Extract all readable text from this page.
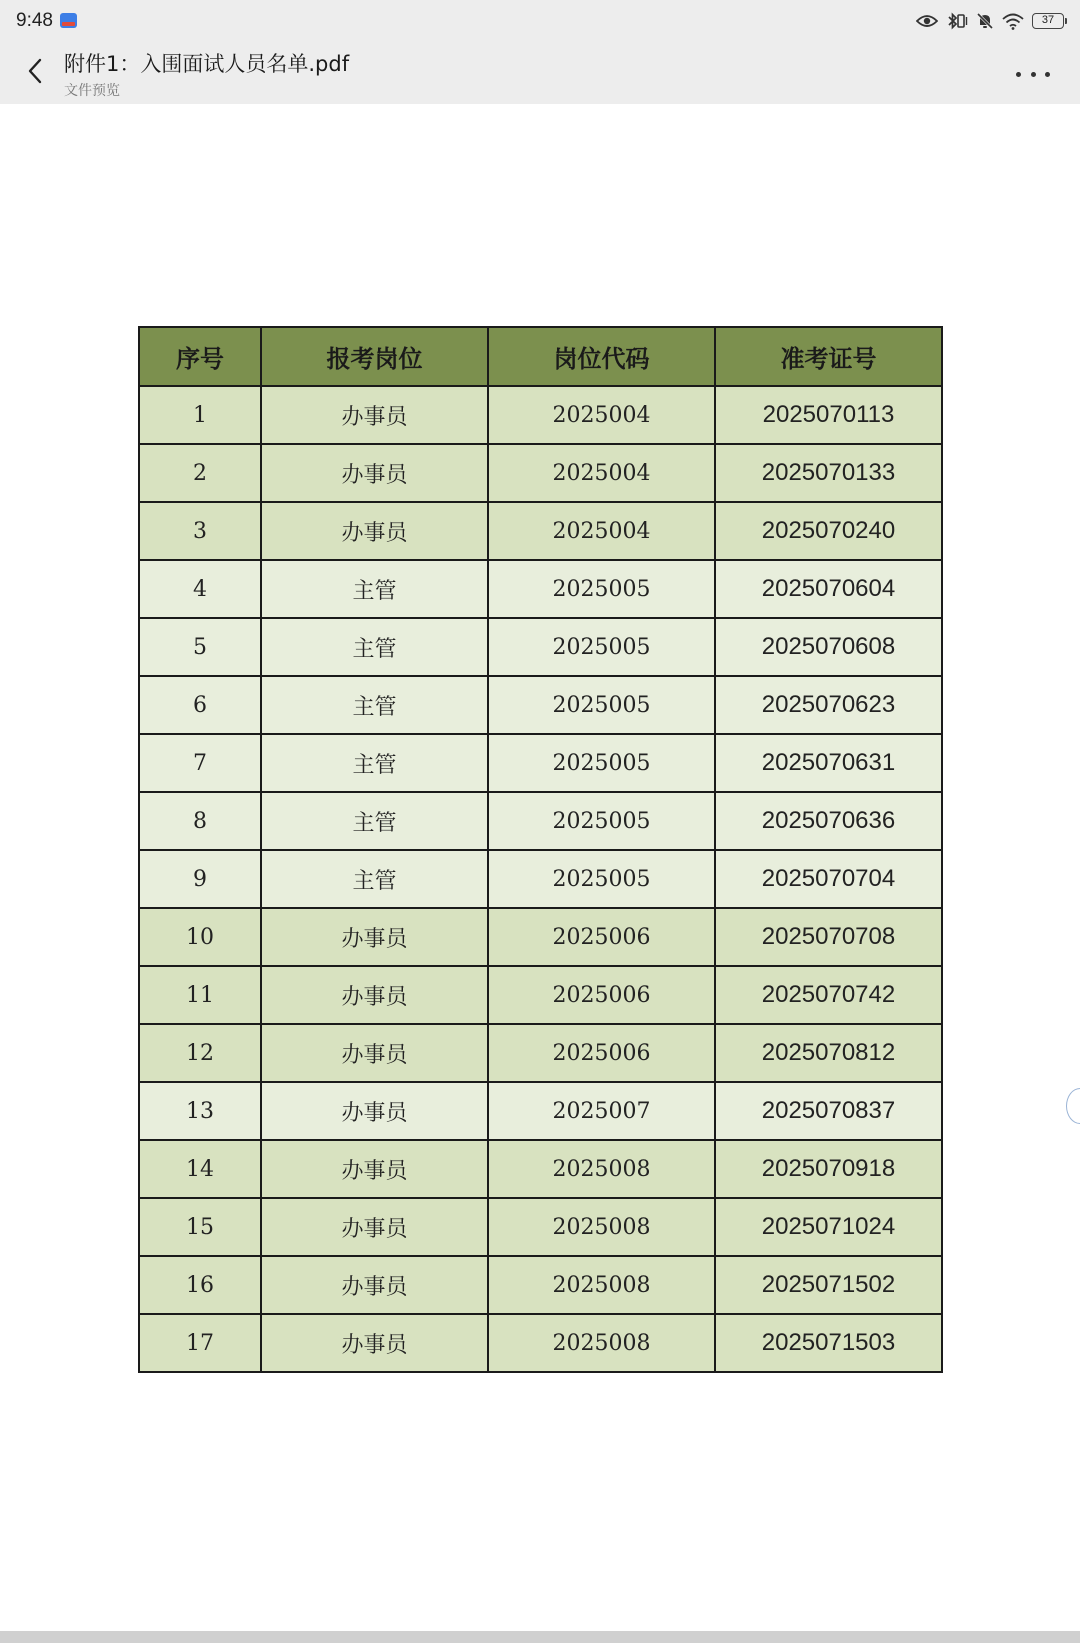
9:48	37
附件1：入围面试人员名单.pdf
文件预览
序号	报考岗位	岗位代码	准考证号
1	办事员	2025004	2025070113
2	办事员	2025004	2025070133
3	办事员	2025004	2025070240
4	主管	2025005	2025070604
5	主管	2025005	2025070608
6	主管	2025005	2025070623
7	主管	2025005	2025070631
8	主管	2025005	2025070636
9	主管	2025005	2025070704
10	办事员	2025006	2025070708
11	办事员	2025006	2025070742
12	办事员	2025006	2025070812
13	办事员	2025007	2025070837
14	办事员	2025008	2025070918
15	办事员	2025008	2025071024
16	办事员	2025008	2025071502
17	办事员	2025008	2025071503
